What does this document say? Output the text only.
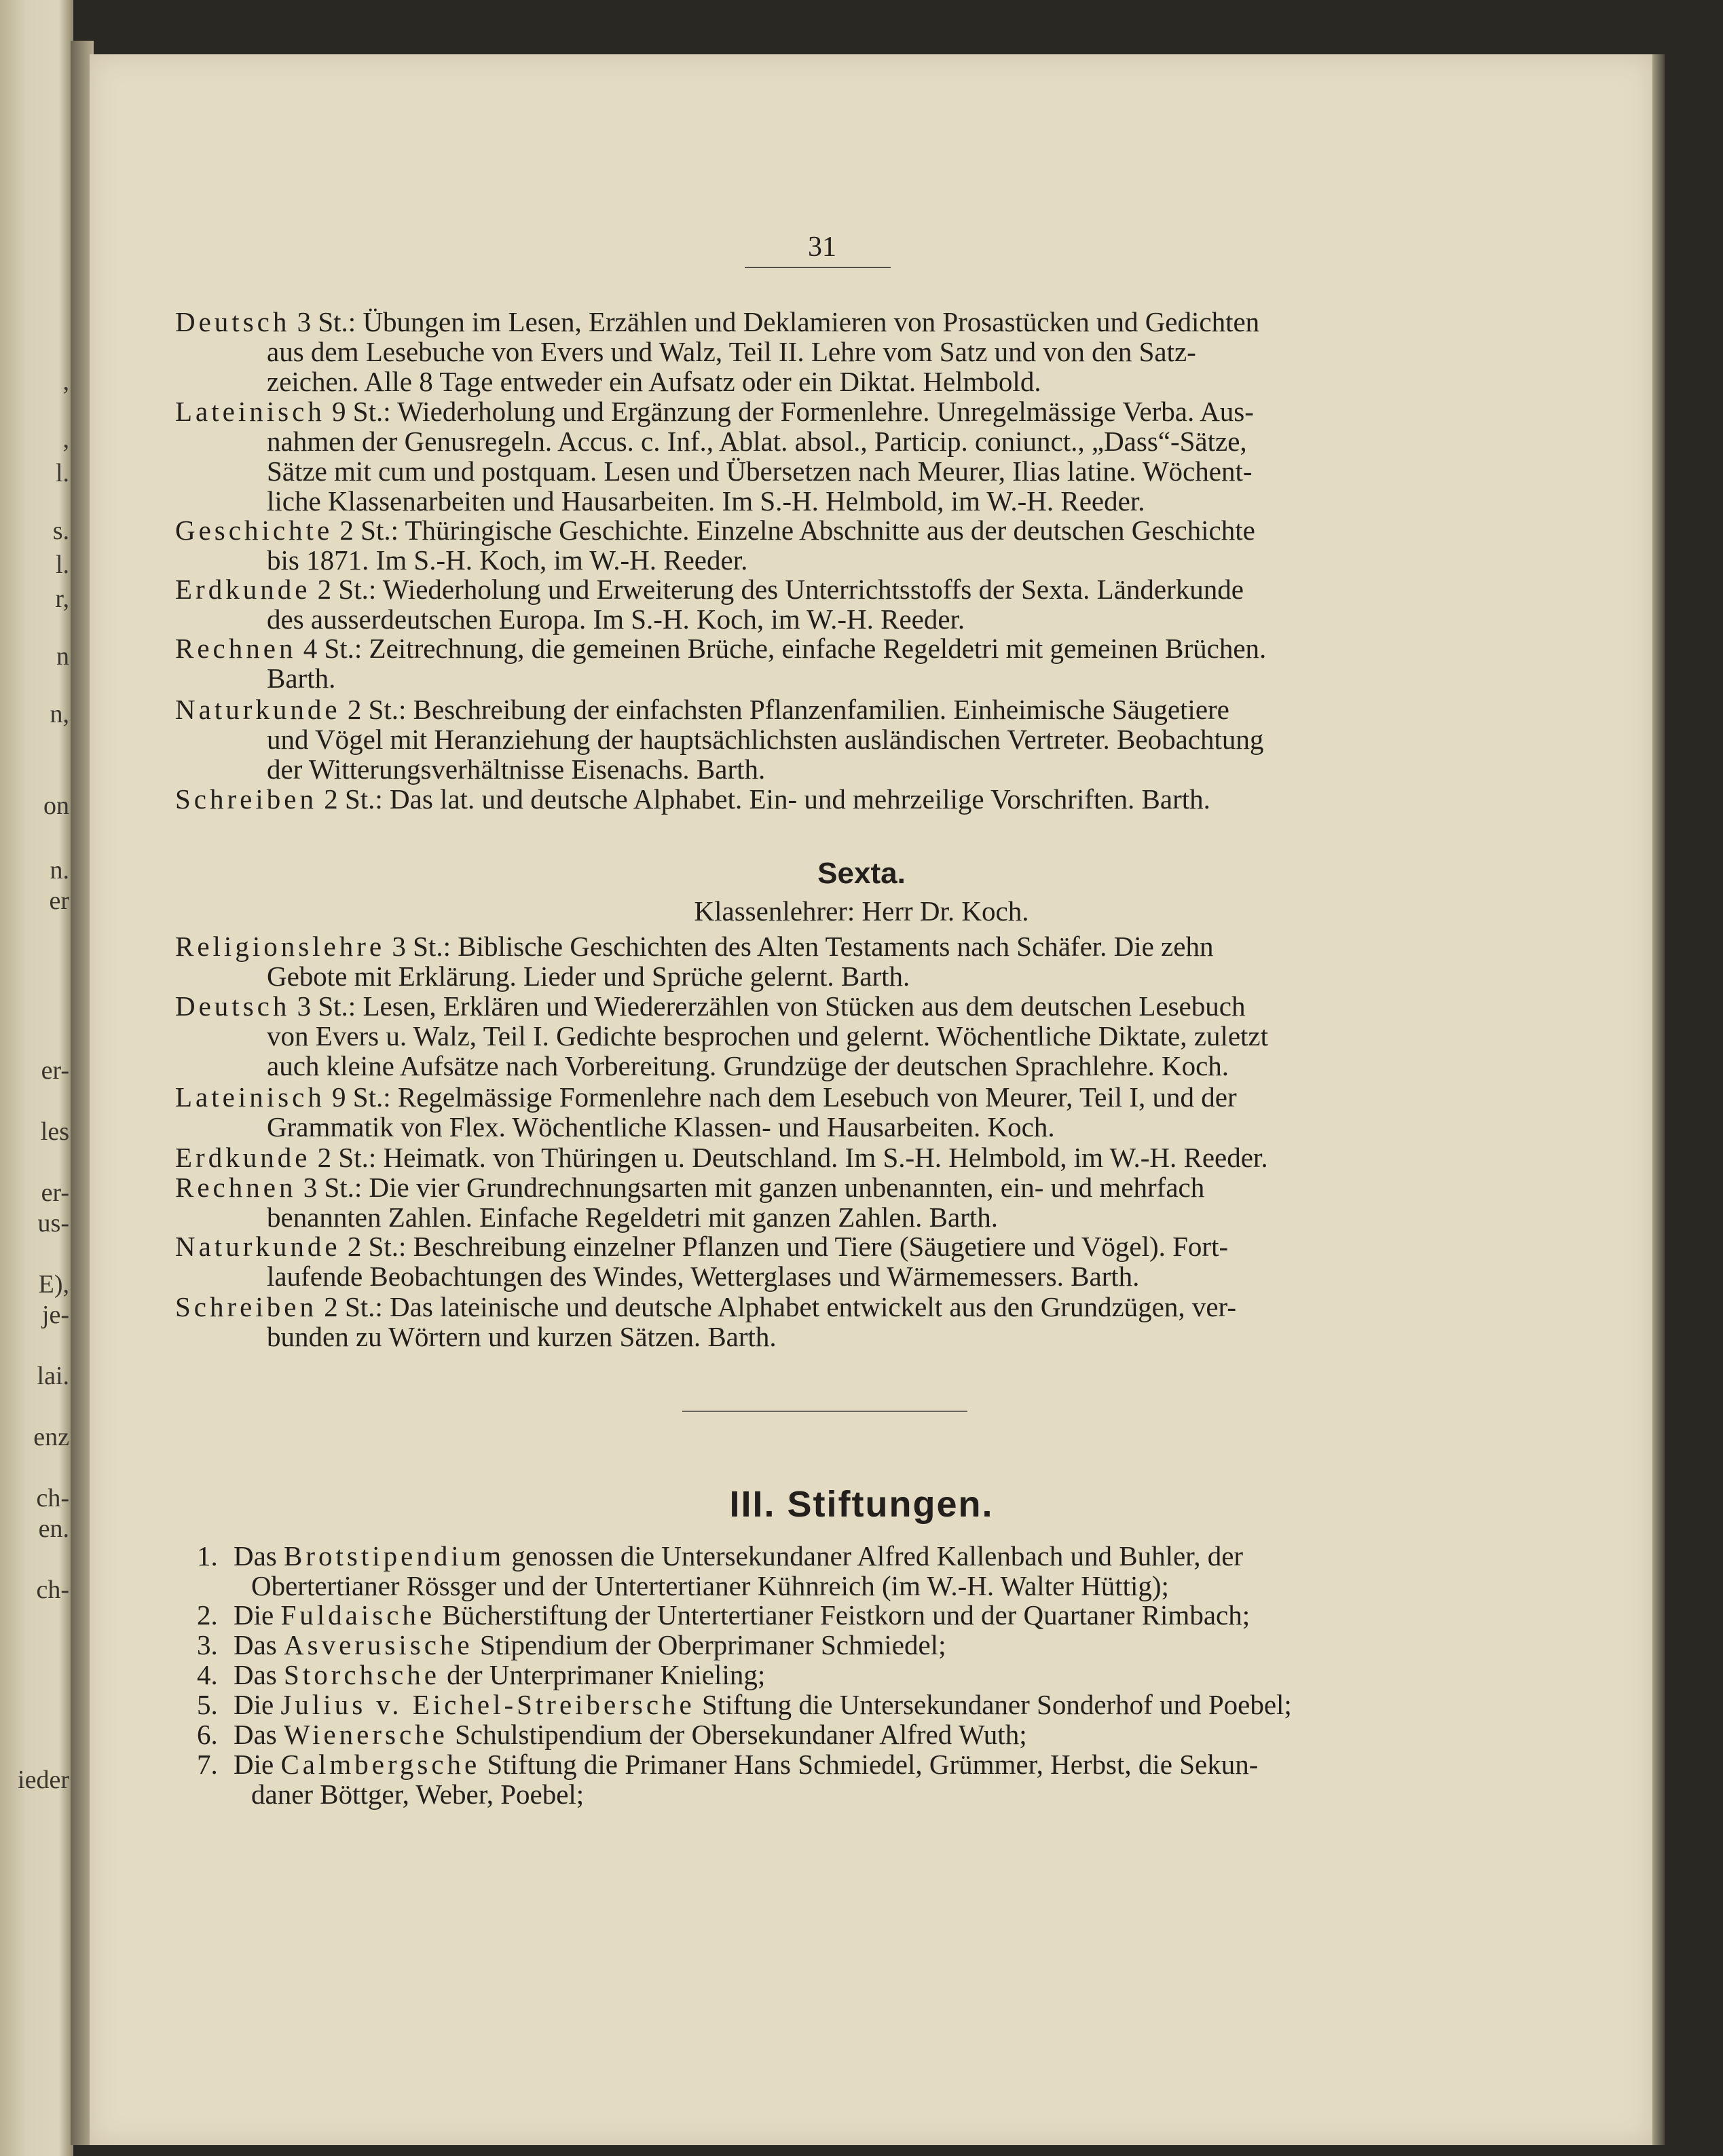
,
,
l.
s.
l.
r,
n
n,
on
n.
er
er-
les
er-
us-
E),
je-
lai.
enz
ch-
en.
ch-
ieder
31
Deutsch 3 St.: Übungen im Lesen, Erzählen und Deklamieren von Prosastücken und Gedichten
aus dem Lesebuche von Evers und Walz, Teil II. Lehre vom Satz und von den Satz-
zeichen. Alle 8 Tage entweder ein Aufsatz oder ein Diktat. Helmbold.
Lateinisch 9 St.: Wiederholung und Ergänzung der Formenlehre. Unregelmässige Verba. Aus-
nahmen der Genusregeln. Accus. c. Inf., Ablat. absol., Particip. coniunct., „Dass“-Sätze,
Sätze mit cum und postquam. Lesen und Übersetzen nach Meurer, Ilias latine. Wöchent-
liche Klassenarbeiten und Hausarbeiten. Im S.-H. Helmbold, im W.-H. Reeder.
Geschichte 2 St.: Thüringische Geschichte. Einzelne Abschnitte aus der deutschen Geschichte
bis 1871. Im S.-H. Koch, im W.-H. Reeder.
Erdkunde 2 St.: Wiederholung und Erweiterung des Unterrichtsstoffs der Sexta. Länderkunde
des ausserdeutschen Europa. Im S.-H. Koch, im W.-H. Reeder.
Rechnen 4 St.: Zeitrechnung, die gemeinen Brüche, einfache Regeldetri mit gemeinen Brüchen.
Barth.
Naturkunde 2 St.: Beschreibung der einfachsten Pflanzenfamilien. Einheimische Säugetiere
und Vögel mit Heranziehung der hauptsächlichsten ausländischen Vertreter. Beobachtung
der Witterungsverhältnisse Eisenachs. Barth.
Schreiben 2 St.: Das lat. und deutsche Alphabet. Ein- und mehrzeilige Vorschriften. Barth.
Sexta.
Klassenlehrer: Herr Dr. Koch.
Religionslehre 3 St.: Biblische Geschichten des Alten Testaments nach Schäfer. Die zehn
Gebote mit Erklärung. Lieder und Sprüche gelernt. Barth.
Deutsch 3 St.: Lesen, Erklären und Wiedererzählen von Stücken aus dem deutschen Lesebuch
von Evers u. Walz, Teil I. Gedichte besprochen und gelernt. Wöchentliche Diktate, zuletzt
auch kleine Aufsätze nach Vorbereitung. Grundzüge der deutschen Sprachlehre. Koch.
Lateinisch 9 St.: Regelmässige Formenlehre nach dem Lesebuch von Meurer, Teil I, und der
Grammatik von Flex. Wöchentliche Klassen- und Hausarbeiten. Koch.
Erdkunde 2 St.: Heimatk. von Thüringen u. Deutschland. Im S.-H. Helmbold, im W.-H. Reeder.
Rechnen 3 St.: Die vier Grundrechnungsarten mit ganzen unbenannten, ein- und mehrfach
benannten Zahlen. Einfache Regeldetri mit ganzen Zahlen. Barth.
Naturkunde 2 St.: Beschreibung einzelner Pflanzen und Tiere (Säugetiere und Vögel). Fort-
laufende Beobachtungen des Windes, Wetterglases und Wärmemessers. Barth.
Schreiben 2 St.: Das lateinische und deutsche Alphabet entwickelt aus den Grundzügen, ver-
bunden zu Wörtern und kurzen Sätzen. Barth.
III. Stiftungen.
1. Das Brotstipendium genossen die Untersekundaner Alfred Kallenbach und Buhler, der
Obertertianer Rössger und der Untertertianer Kühnreich (im W.-H. Walter Hüttig);
2. Die Fuldaische Bücherstiftung der Untertertianer Feistkorn und der Quartaner Rimbach;
3. Das Asverusische Stipendium der Oberprimaner Schmiedel;
4. Das Storchsche der Unterprimaner Knieling;
5. Die Julius v. Eichel-Streibersche Stiftung die Untersekundaner Sonderhof und Poebel;
6. Das Wienersche Schulstipendium der Obersekundaner Alfred Wuth;
7. Die Calmbergsche Stiftung die Primaner Hans Schmiedel, Grümmer, Herbst, die Sekun-
daner Böttger, Weber, Poebel;
